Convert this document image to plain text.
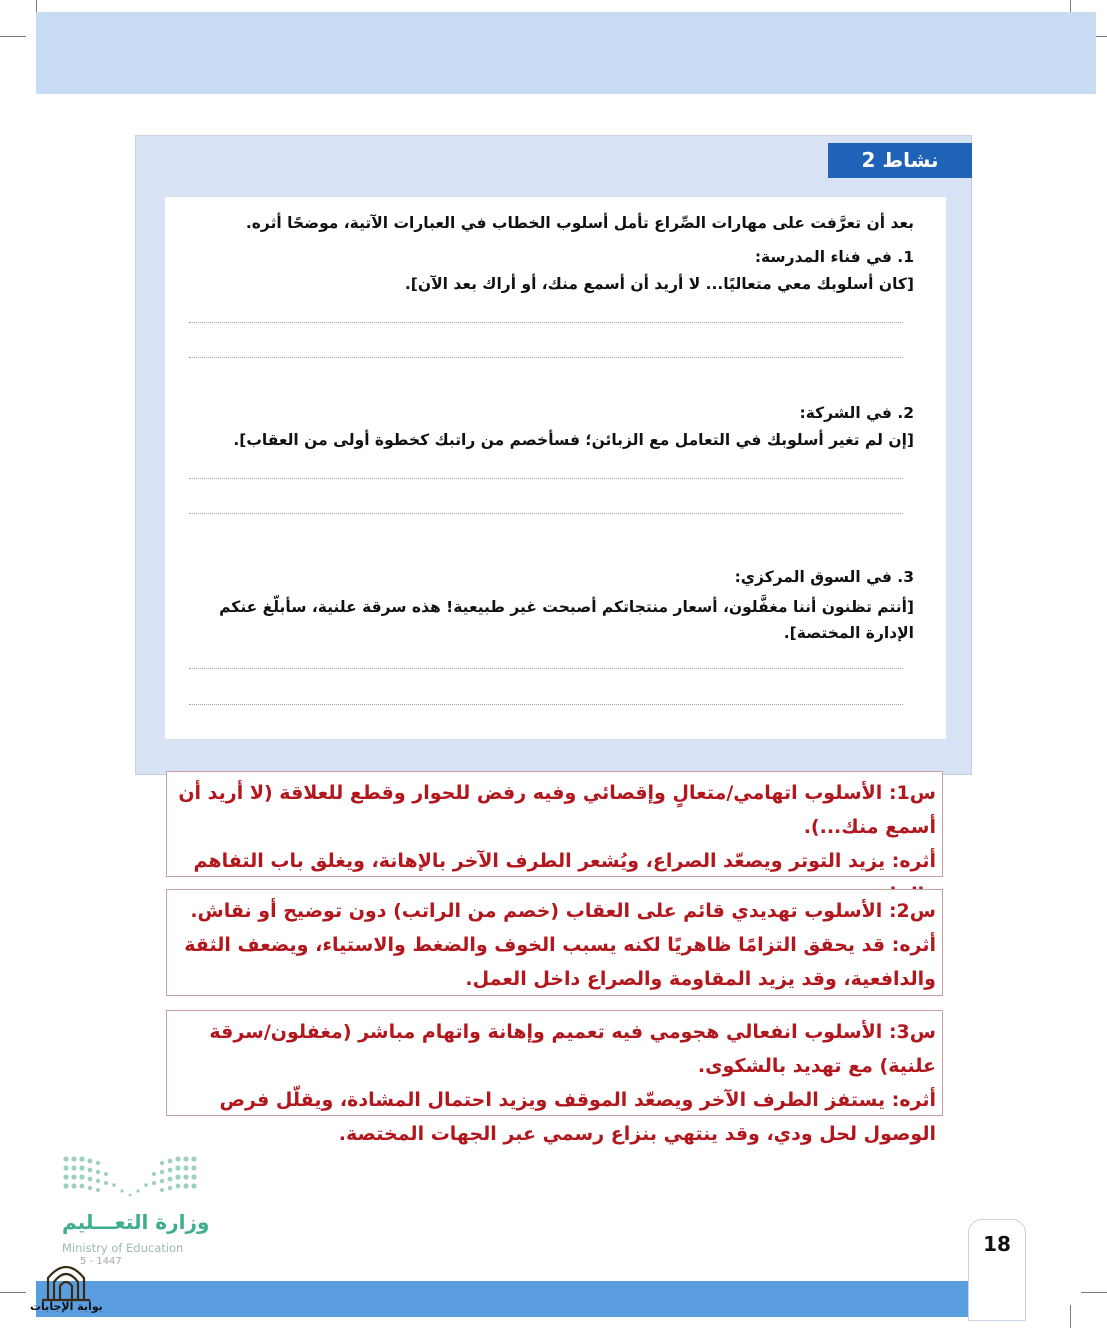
نشاط 2
بعد أن تعرَّفت على مهارات الصِّراع تأمل أسلوب الخطاب في العبارات الآتية، موضحًا أثره.
1. في فناء المدرسة:
[كان أسلوبك معي متعاليًا... لا أريد أن أسمع منك، أو أراك بعد الآن].
2. في الشركة:
[إن لم تغير أسلوبك في التعامل مع الزبائن؛ فسأخصم من راتبك كخطوة أولى من العقاب].
3. في السوق المركزي:
[أنتم تظنون أننا مغفَّلون، أسعار منتجاتكم أصبحت غير طبيعية! هذه سرقة علنية، سأبلّغ عنكم الإدارة المختصة].
س1: الأسلوب اتهامي/متعالٍ وإقصائي وفيه رفض للحوار وقطع للعلاقة (لا أريد أن أسمع منك...).
أثره: يزيد التوتر ويصعّد الصراع، ويُشعر الطرف الآخر بالإهانة، ويغلق باب التفاهم
س2: الأسلوب تهديدي قائم على العقاب (خصم من الراتب) دون توضيح أو نقاش.
أثره: قد يحقق التزامًا ظاهريًا لكنه يسبب الخوف والضغط والاستياء، ويضعف الثقة والدافعية، وقد يزيد المقاومة والصراع داخل العمل.
س3: الأسلوب انفعالي هجومي فيه تعميم وإهانة واتهام مباشر (مغفلون/سرقة علنية) مع تهديد بالشكوى.
أثره: يستفز الطرف الآخر ويصعّد الموقف ويزيد احتمال المشادة، ويقلّل فرص الوصول لحل ودي، وقد ينتهي بنزاع رسمي عبر الجهات المختصة.
وزارة التعـــليم
Ministry of Education
5 - 1447
18
بوابة الإجابات
